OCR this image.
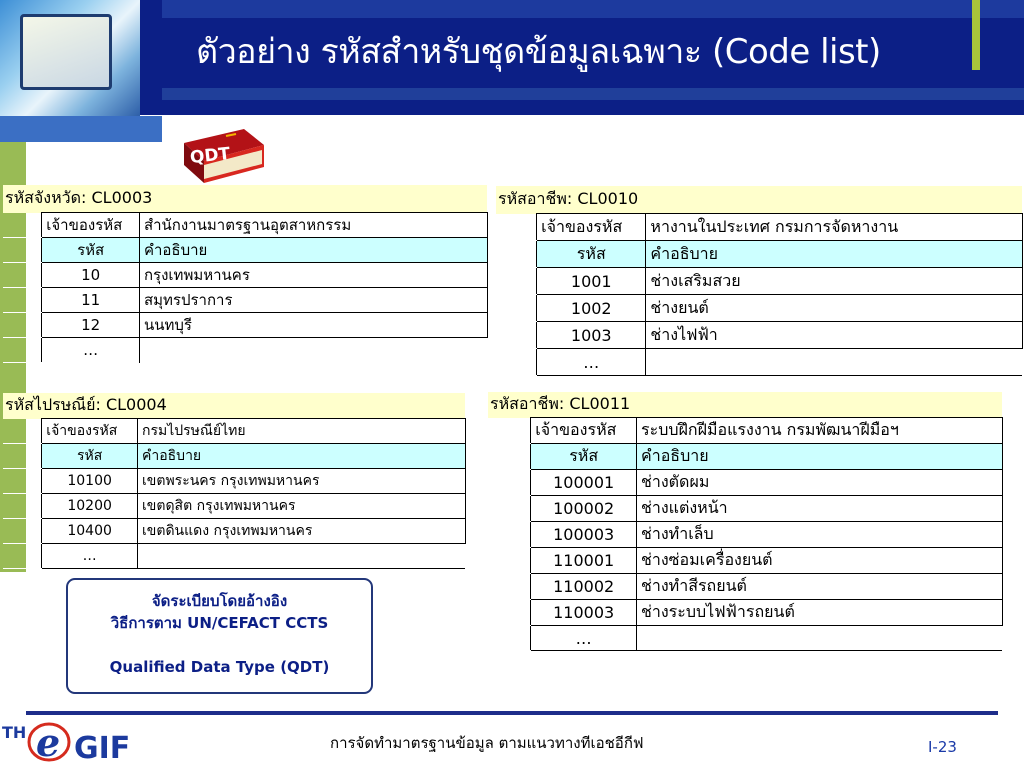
ตัวอย่าง รหัสสำหรับชุดข้อมูลเฉพาะ (Code list)
QDT
รหัสจังหวัด: CL0003		
	เจ้าของรหัส	สำนักงานมาตรฐานอุตสาหกรรม
	รหัส	คำอธิบาย
	10	กรุงเทพมหานคร
	11	สมุทรปราการ
	12	นนทบุรี
	…	
รหัสอาชีพ: CL0010		
	เจ้าของรหัส	หางานในประเทศ กรมการจัดหางาน
	รหัส	คำอธิบาย
	1001	ช่างเสริมสวย
	1002	ช่างยนต์
	1003	ช่างไฟฟ้า
	…	
รหัสไปรษณีย์: CL0004		
	เจ้าของรหัส	กรมไปรษณีย์ไทย
	รหัส	คำอธิบาย
	10100	เขตพระนคร กรุงเทพมหานคร
	10200	เขตดุสิต กรุงเทพมหานคร
	10400	เขตดินแดง กรุงเทพมหานคร
	…	
รหัสอาชีพ: CL0011		
	เจ้าของรหัส	ระบบฝึกฝีมือแรงงาน กรมพัฒนาฝีมือฯ
	รหัส	คำอธิบาย
	100001	ช่างตัดผม
	100002	ช่างแต่งหน้า
	100003	ช่างทำเล็บ
	110001	ช่างซ่อมเครื่องยนต์
	110002	ช่างทำสีรถยนต์
	110003	ช่างระบบไฟฟ้ารถยนต์
	…	
จัดระเบียบโดยอ้างอิง
วิธีการตาม UN/CEFACT CCTS
Qualified Data Type (QDT)
TH e GIF	การจัดทำมาตรฐานข้อมูล ตามแนวทางทีเอชอีกีฟ	I-23
